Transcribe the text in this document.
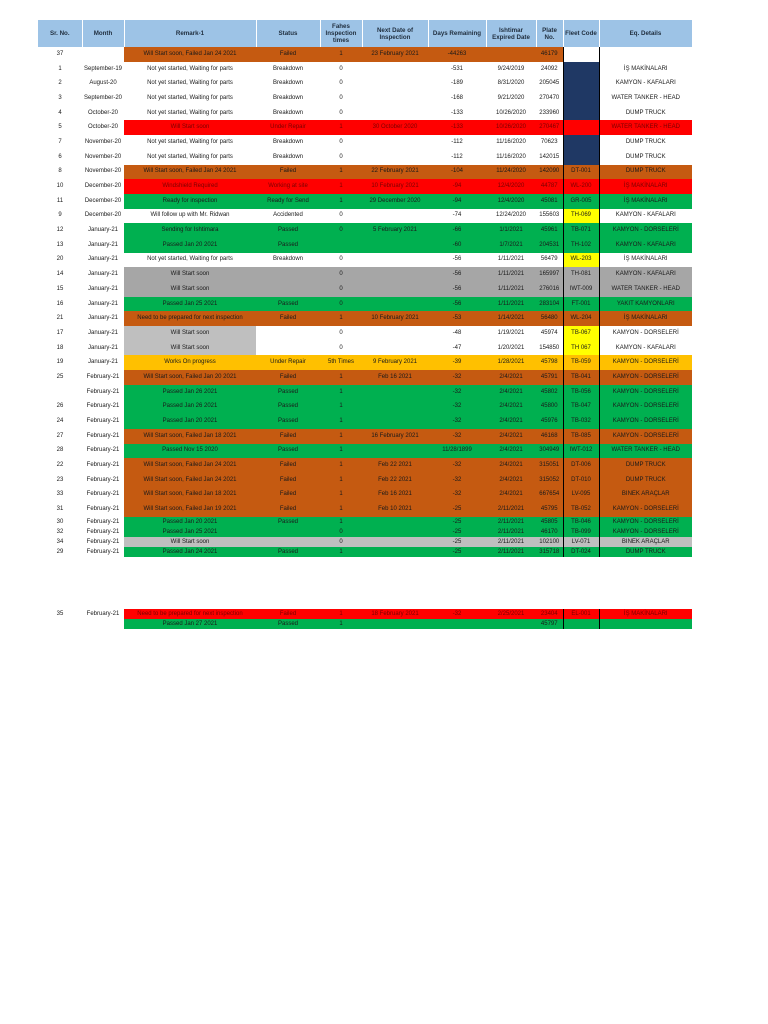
Sr. No.	Month	Remark-1	Status	Fahes Inspection times	Next Date of Inspection	Days Remaining	Ishtimar Expired Date	Plate No.	Fleet Code	Eq. Details
37		Will Start soon, Failed Jan 24 2021	Failed	1	23 February 2021	-44263		46179		
1	September-19	Not yet started, Waiting for parts	Breakdown	0		-531	9/24/2019	24092		İŞ MAKİNALARI
2	August-20	Not yet started, Waiting for parts	Breakdown	0		-189	8/31/2020	205045		KAMYON - KAFALARI
3	September-20	Not yet started, Waiting for parts	Breakdown	0		-168	9/21/2020	270470		WATER TANKER - HEAD
4	October-20	Not yet started, Waiting for parts	Breakdown	0		-133	10/26/2020	233960		DUMP TRUCK
5	October-20	Will Start soon	Under Repair	1	30 October 2020	-133	10/26/2020	270467		WATER TANKER - HEAD
7	November-20	Not yet started, Waiting for parts	Breakdown	0		-112	11/16/2020	70623		DUMP TRUCK
6	November-20	Not yet started, Waiting for parts	Breakdown	0		-112	11/16/2020	142015		DUMP TRUCK
8	November-20	Will Start soon, Failed Jan 24 2021	Failed	1	22 February 2021	-104	11/24/2020	142090	DT-001	DUMP TRUCK
10	December-20	Windshield Required	Working at site	1	10 February 2021	-94	12/4/2020	44787	WL-200	İŞ MAKİNALARI
11	December-20	Ready for inspection	Ready for Send	1	29 December 2020	-94	12/4/2020	45081	GR-005	İŞ MAKİNALARI
9	December-20	Will follow up with Mr. Ridwan	Accidented	0		-74	12/24/2020	155603	TH-069	KAMYON - KAFALARI
12	January-21	Sending for Ishtimara	Passed	0	5 February 2021	-66	1/1/2021	45961	TB-071	KAMYON - DORSELERİ
13	January-21	Passed Jan 20 2021	Passed			-60	1/7/2021	204531	TH-102	KAMYON - KAFALARI
20	January-21	Not yet started, Waiting for parts	Breakdown	0		-56	1/11/2021	56479	WL-203	İŞ MAKİNALARI
14	January-21	Will Start soon		0		-56	1/11/2021	165997	TH-081	KAMYON - KAFALARI
15	January-21	Will Start soon		0		-56	1/11/2021	276016	IWT-009	WATER TANKER - HEAD
16	January-21	Passed Jan 25 2021	Passed	0		-56	1/11/2021	283104	FT-001	YAKIT KAMYONLARI
21	January-21	Need to be prepared for next inspection	Failed	1	10 February 2021	-53	1/14/2021	56480	WL-204	İŞ MAKİNALARI
17	January-21	Will Start soon		0		-48	1/19/2021	45974	TB-067	KAMYON - DORSELERİ
18	January-21	Will Start soon		0		-47	1/20/2021	154850	TH 067	KAMYON - KAFALARI
19	January-21	Works On progress	Under Repair	5th Times	9 February 2021	-39	1/28/2021	45798	TB-059	KAMYON - DORSELERİ
25	February-21	Will Start soon, Failed Jan 20 2021	Failed	1	Feb 16 2021	-32	2/4/2021	45791	TB-041	KAMYON - DORSELERİ
	February-21	Passed Jan 26 2021	Passed	1		-32	2/4/2021	45802	TB-056	KAMYON - DORSELERİ
26	February-21	Passed Jan 26 2021	Passed	1		-32	2/4/2021	45800	TB-047	KAMYON - DORSELERİ
24	February-21	Passed Jan 20 2021	Passed	1		-32	2/4/2021	45976	TB-032	KAMYON - DORSELERİ
27	February-21	Will Start soon, Failed Jan 18 2021	Failed	1	16 February 2021	-32	2/4/2021	46168	TB-085	KAMYON - DORSELERİ
28	February-21	Passed Nov 15 2020	Passed	1		11/28/1899	2/4/2021	304949	IWT-012	WATER TANKER - HEAD
22	February-21	Will Start soon, Failed Jan 24 2021	Failed	1	Feb 22 2021	-32	2/4/2021	315051	DT-006	DUMP TRUCK
23	February-21	Will Start soon, Failed Jan 24 2021	Failed	1	Feb 22 2021	-32	2/4/2021	315052	DT-010	DUMP TRUCK
33	February-21	Will Start soon, Failed Jan 18 2021	Failed	1	Feb 16 2021	-32	2/4/2021	667654	LV-095	BINEK ARAÇLAR
31	February-21	Will Start soon, Failed Jan 19 2021	Failed	1	Feb 10 2021	-25	2/11/2021	45795	TB-052	KAMYON - DORSELERİ
30	February-21	Passed Jan 20 2021	Passed	1		-25	2/11/2021	45805	TB-046	KAMYON - DORSELERİ
32	February-21	Passed Jan 25 2021		0		-25	2/11/2021	46170	TB-099	KAMYON - DORSELERİ
34	February-21	Will Start soon		0		-25	2/11/2021	102100	LV-071	BINEK ARAÇLAR
29	February-21	Passed Jan 24 2021	Passed	1		-25	2/11/2021	315718	DT-024	DUMP TRUCK
35	February-21	Need to be prepared for next inspection	Failed	1	18 February 2021	-32	2/25/2021	23404	EL-001	İŞ MAKİNALARI
		Passed Jan 27 2021	Passed	1				45797		
